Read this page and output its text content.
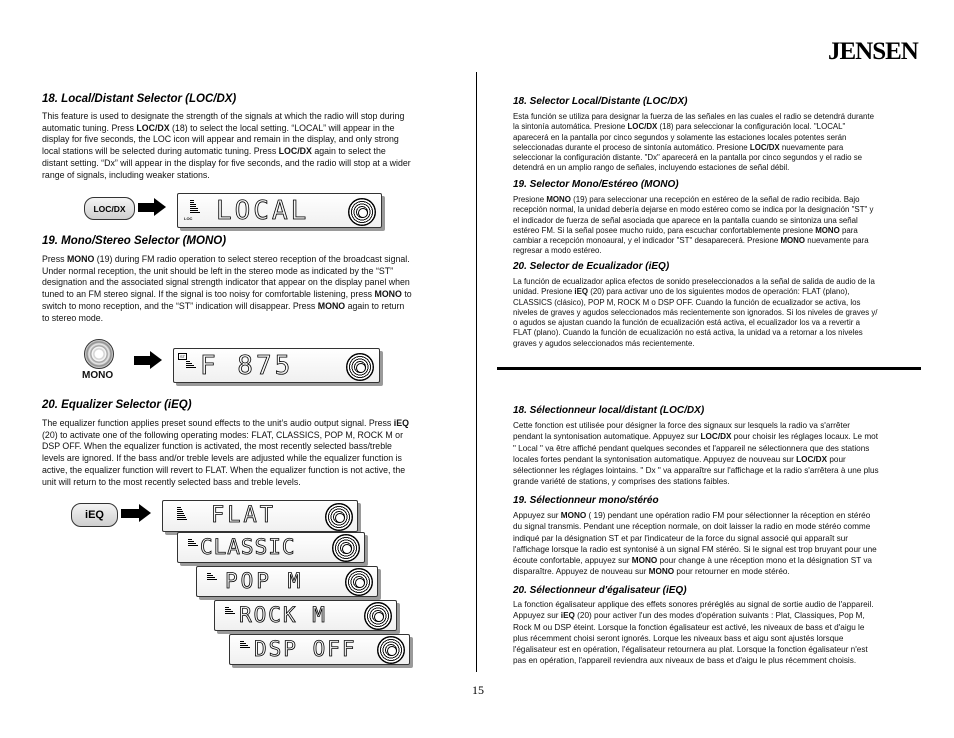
JENSEN
15
18. Local/Distant Selector (LOC/DX)
This feature is used to designate the strength of the signals at which the radio will stop during
automatic tuning. Press LOC/DX (18) to select the local setting. “LOCAL” will appear in the
display for five seconds, the LOC icon will appear and remain in the display, and only strong
local stations will be selected during automatic tuning. Press LOC/DX again to select the
distant setting. “Dx” will appear in the display for five seconds, and the radio will stop at a wider
range of signals, including weaker stations.
LOC/DX
LOC LOCAL
19. Mono/Stereo Selector (MONO)
Press MONO (19) during FM radio operation to select stereo reception of the broadcast signal.
Under normal reception, the unit should be left in the stereo mode as indicated by the “ST”
designation and the associated signal strength indicator that appear on the display panel when
tuned to an FM stereo signal. If the signal is too noisy for comfortable listening, press MONO to
switch to mono reception, and the “ST” indication will disappear. Press MONO again to return
to stereo mode.
MONO
ST F 875
20. Equalizer Selector (iEQ)
The equalizer function applies preset sound effects to the unit’s audio output signal. Press iEQ
(20) to activate one of the following operating modes: FLAT, CLASSICS, POP M, ROCK M or
DSP OFF. When the equalizer function is activated, the most recently selected bass/treble
levels are ignored. If the bass and/or treble levels are adjusted while the equalizer function is
active, the equalizer function will revert to FLAT. When the equalizer function is not active, the
unit will return to the most recently selected bass and treble levels.
iEQ	FLAT
CLASSIC
POP M
ROCK M
DSP OFF
18. Selector Local/Distante (LOC/DX)
Esta función se utiliza para designar la fuerza de las señales en las cuales el radio se detendrá durante
la sintonía automática. Presione LOC/DX (18) para seleccionar la configuración local. "LOCAL"
aparecerá en la pantalla por cinco segundos y solamente las estaciones locales potentes serán
seleccionadas durante el proceso de sintonía automático. Presione LOC/DX nuevamente para
seleccionar la configuración distante. "Dx" aparecerá en la pantalla por cinco segundos y el radio se
detendrá en un amplio rango de señales, incluyendo estaciones de señal débil.
19. Selector Mono/Estéreo (MONO)
Presione MONO (19) para seleccionar una recepción en estéreo de la señal de radio recibida. Bajo
recepción normal, la unidad debería dejarse en modo estéreo como se indica por la designación "ST" y
el indicador de fuerza de señal asociada que aparece en la pantalla cuando se sintoniza una señal
estéreo FM. Si la señal posee mucho ruido, para escuchar confortablemente presione MONO para
cambiar a recepción monoaural, y el indicador "ST" desaparecerá. Presione MONO nuevamente para
regresar a modo estéreo.
20. Selector de Ecualizador (iEQ)
La función de ecualizador aplica efectos de sonido preseleccionados a la señal de salida de audio de la
unidad. Presione iEQ (20) para activar uno de los siguientes modos de operación: FLAT (plano),
CLASSICS (clásico), POP M, ROCK M o DSP OFF. Cuando la función de ecualizador se activa, los
niveles de graves y agudos seleccionados más recientemente son ignorados. Si los niveles de graves y/
o agudos se ajustan cuando la función de ecualización está activa, el ecualizador los va a revertir a
FLAT (plano). Cuando la función de ecualización no está activa, la unidad va a retornar a los niveles
graves y agudos seleccionados más recientemente.
18. Sélectionneur local/distant (LOC/DX)
Cette fonction est utilisée pour désigner la force des signaux sur lesquels la radio va s'arrêter
pendant la syntonisation automatique. Appuyez sur LOC/DX pour choisir les réglages locaux. Le mot
" Local " va être affiché pendant quelques secondes et l'appareil ne sélectionnera que des stations
locales fortes pendant la syntonisation automatique. Appuyez de nouveau sur LOC/DX pour
sélectionner les réglages lointains. " Dx " va apparaître sur l'affichage et la radio s'arrêtera à une plus
grande variété de stations, y comprises des stations faibles.
19. Sélectionneur mono/stéréo
Appuyez sur MONO ( 19) pendant une opération radio FM pour sélectionner la réception en stéréo
du signal transmis. Pendant une réception normale, on doit laisser la radio en mode stéréo comme
indiqué par la désignation ST et par l'indicateur de la force du signal associé qui apparaît sur
l'affichage lorsque la radio est syntonisé à un signal FM stéréo. Si le signal est trop bruyant pour une
écoute confortable, appuyez sur MONO pour change à une réception mono et la désignation ST va
disparaître. Appuyez de nouveau sur MONO pour retourner en mode stéréo.
20. Sélectionneur d'égalisateur (iEQ)
La fonction égalisateur applique des effets sonores préréglés au signal de sortie audio de l'appareil.
Appuyez sur iEQ (20) pour activer l'un des modes d'opération suivants : Plat, Classiques, Pop M,
Rock M ou DSP éteint. Lorsque la fonction égalisateur est activé, les niveaux de bass et d'aigu le
plus récemment choisi seront ignorés. Lorque les niveaux bass et aigu sont ajustés lorsque
l'égalisateur est en opération, l'égalisateur retournera au plat. Lorsque la fonction égalisateur n'est
pas en opération, l'appareil reviendra aux niveaux de bass et d'aigu le plus récemment choisis.
